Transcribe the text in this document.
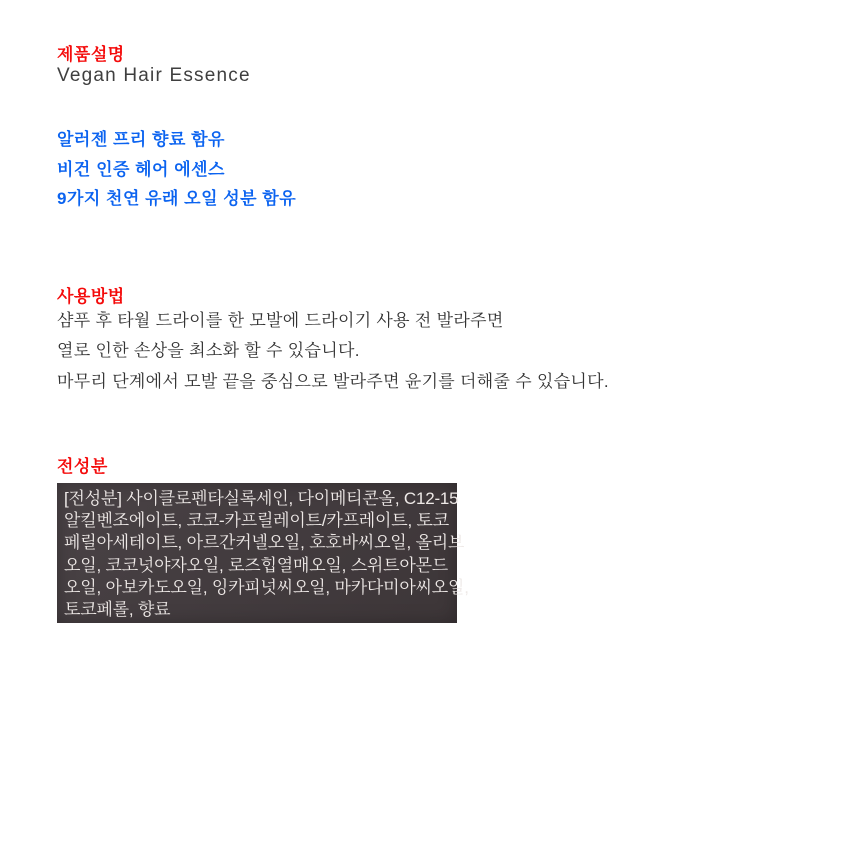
제품설명

Vegan Hair Essence

알러젠 프리 향료 함유

비건 인증 헤어 에센스

9가지 천연 유래 오일 성분 함유

사용방법

샴푸 후 타월 드라이를 한 모발에 드라이기 사용 전 발라주면

열로 인한 손상을 최소화 할 수 있습니다.

마무리 단계에서 모발 끝을 중심으로 발라주면 윤기를 더해줄 수 있습니다.

전성분

[전성분] 사이클로펜타실록세인, 다이메티콘올, C12-15

알킬벤조에이트, 코코-카프릴레이트/카프레이트, 토코

페릴아세테이트, 아르간커넬오일, 호호바씨오일, 올리브

오일, 코코넛야자오일, 로즈힙열매오일, 스위트아몬드

오일, 아보카도오일, 잉카피넛씨오일, 마카다미아씨오일,

토코페롤, 향료
